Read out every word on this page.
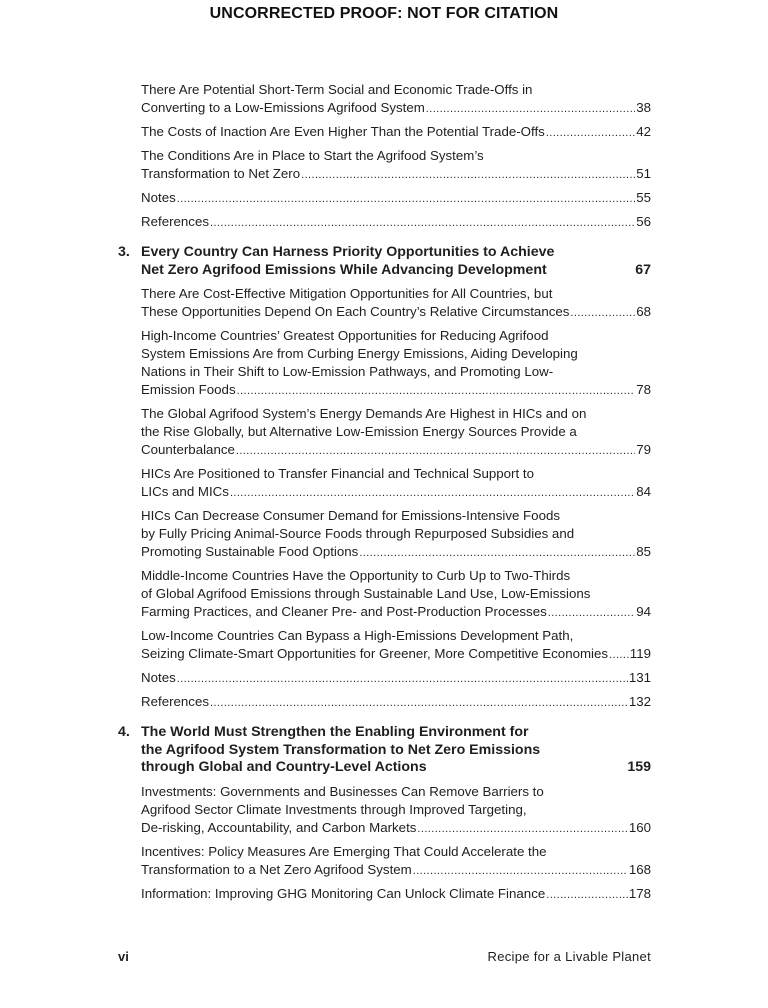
UNCORRECTED PROOF: NOT FOR CITATION
There Are Potential Short-Term Social and Economic Trade-Offs in
Converting to a Low-Emissions Agrifood System .....	38
The Costs of Inaction Are Even Higher Than the Potential Trade-Offs .....	42
The Conditions Are in Place to Start the Agrifood System’s
Transformation to Net Zero .....	51
Notes .....	55
References .....	56
3. Every Country Can Harness Priority Opportunities to Achieve
Net Zero Agrifood Emissions While Advancing Development	67
There Are Cost-Effective Mitigation Opportunities for All Countries, but
These Opportunities Depend On Each Country’s Relative Circumstances .....	68
High-Income Countries’ Greatest Opportunities for Reducing Agrifood
System Emissions Are from Curbing Energy Emissions, Aiding Developing
Nations in Their Shift to Low-Emission Pathways, and Promoting Low-
Emission Foods .....	78
The Global Agrifood System’s Energy Demands Are Highest in HICs and on
the Rise Globally, but Alternative Low-Emission Energy Sources Provide a
Counterbalance .....	79
HICs Are Positioned to Transfer Financial and Technical Support to
LICs and MICs .....	84
HICs Can Decrease Consumer Demand for Emissions-Intensive Foods
by Fully Pricing Animal-Source Foods through Repurposed Subsidies and
Promoting Sustainable Food Options .....	85
Middle-Income Countries Have the Opportunity to Curb Up to Two-Thirds
of Global Agrifood Emissions through Sustainable Land Use, Low-Emissions
Farming Practices, and Cleaner Pre- and Post-Production Processes .....	94
Low-Income Countries Can Bypass a High-Emissions Development Path,
Seizing Climate-Smart Opportunities for Greener, More Competitive Economies ..... 119
Notes .....	131
References .....	132
4. The World Must Strengthen the Enabling Environment for
the Agrifood System Transformation to Net Zero Emissions
through Global and Country-Level Actions	159
Investments: Governments and Businesses Can Remove Barriers to
Agrifood Sector Climate Investments through Improved Targeting,
De-risking, Accountability, and Carbon Markets .....	160
Incentives: Policy Measures Are Emerging That Could Accelerate the
Transformation to a Net Zero Agrifood System .....	168
Information: Improving GHG Monitoring Can Unlock Climate Finance .....	178
vi	Recipe for a Livable Planet
